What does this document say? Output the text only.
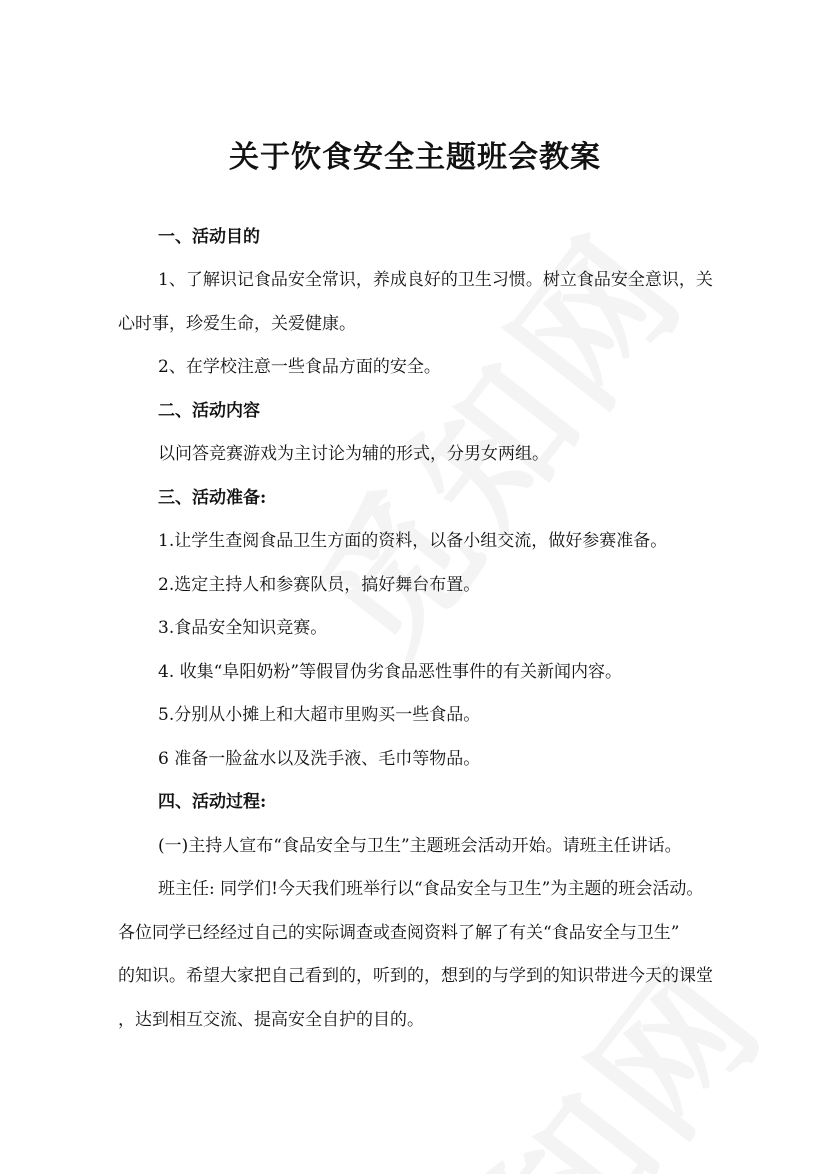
关于饮食安全主题班会教案
一、活动目的
1、了解识记食品安全常识，养成良好的卫生习惯。树立食品安全意识，关
心时事，珍爱生命，关爱健康。
2、在学校注意一些食品方面的安全。
二、活动内容
以问答竞赛游戏为主讨论为辅的形式，分男女两组。
三、活动准备:
1.让学生查阅食品卫生方面的资料，以备小组交流，做好参赛准备。
2.选定主持人和参赛队员，搞好舞台布置。
3.食品安全知识竞赛。
4. 收集“阜阳奶粉”等假冒伪劣食品恶性事件的有关新闻内容。
5.分别从小摊上和大超市里购买一些食品。
6 准备一脸盆水以及洗手液、毛巾等物品。
四、活动过程:
(一)主持人宣布“食品安全与卫生”主题班会活动开始。请班主任讲话。
班主任: 同学们!今天我们班举行以“食品安全与卫生”为主题的班会活动。
各位同学已经经过自己的实际调查或查阅资料了解了有关“食品安全与卫生”
的知识。希望大家把自己看到的，听到的，想到的与学到的知识带进今天的课堂
，达到相互交流、提高安全自护的目的。
